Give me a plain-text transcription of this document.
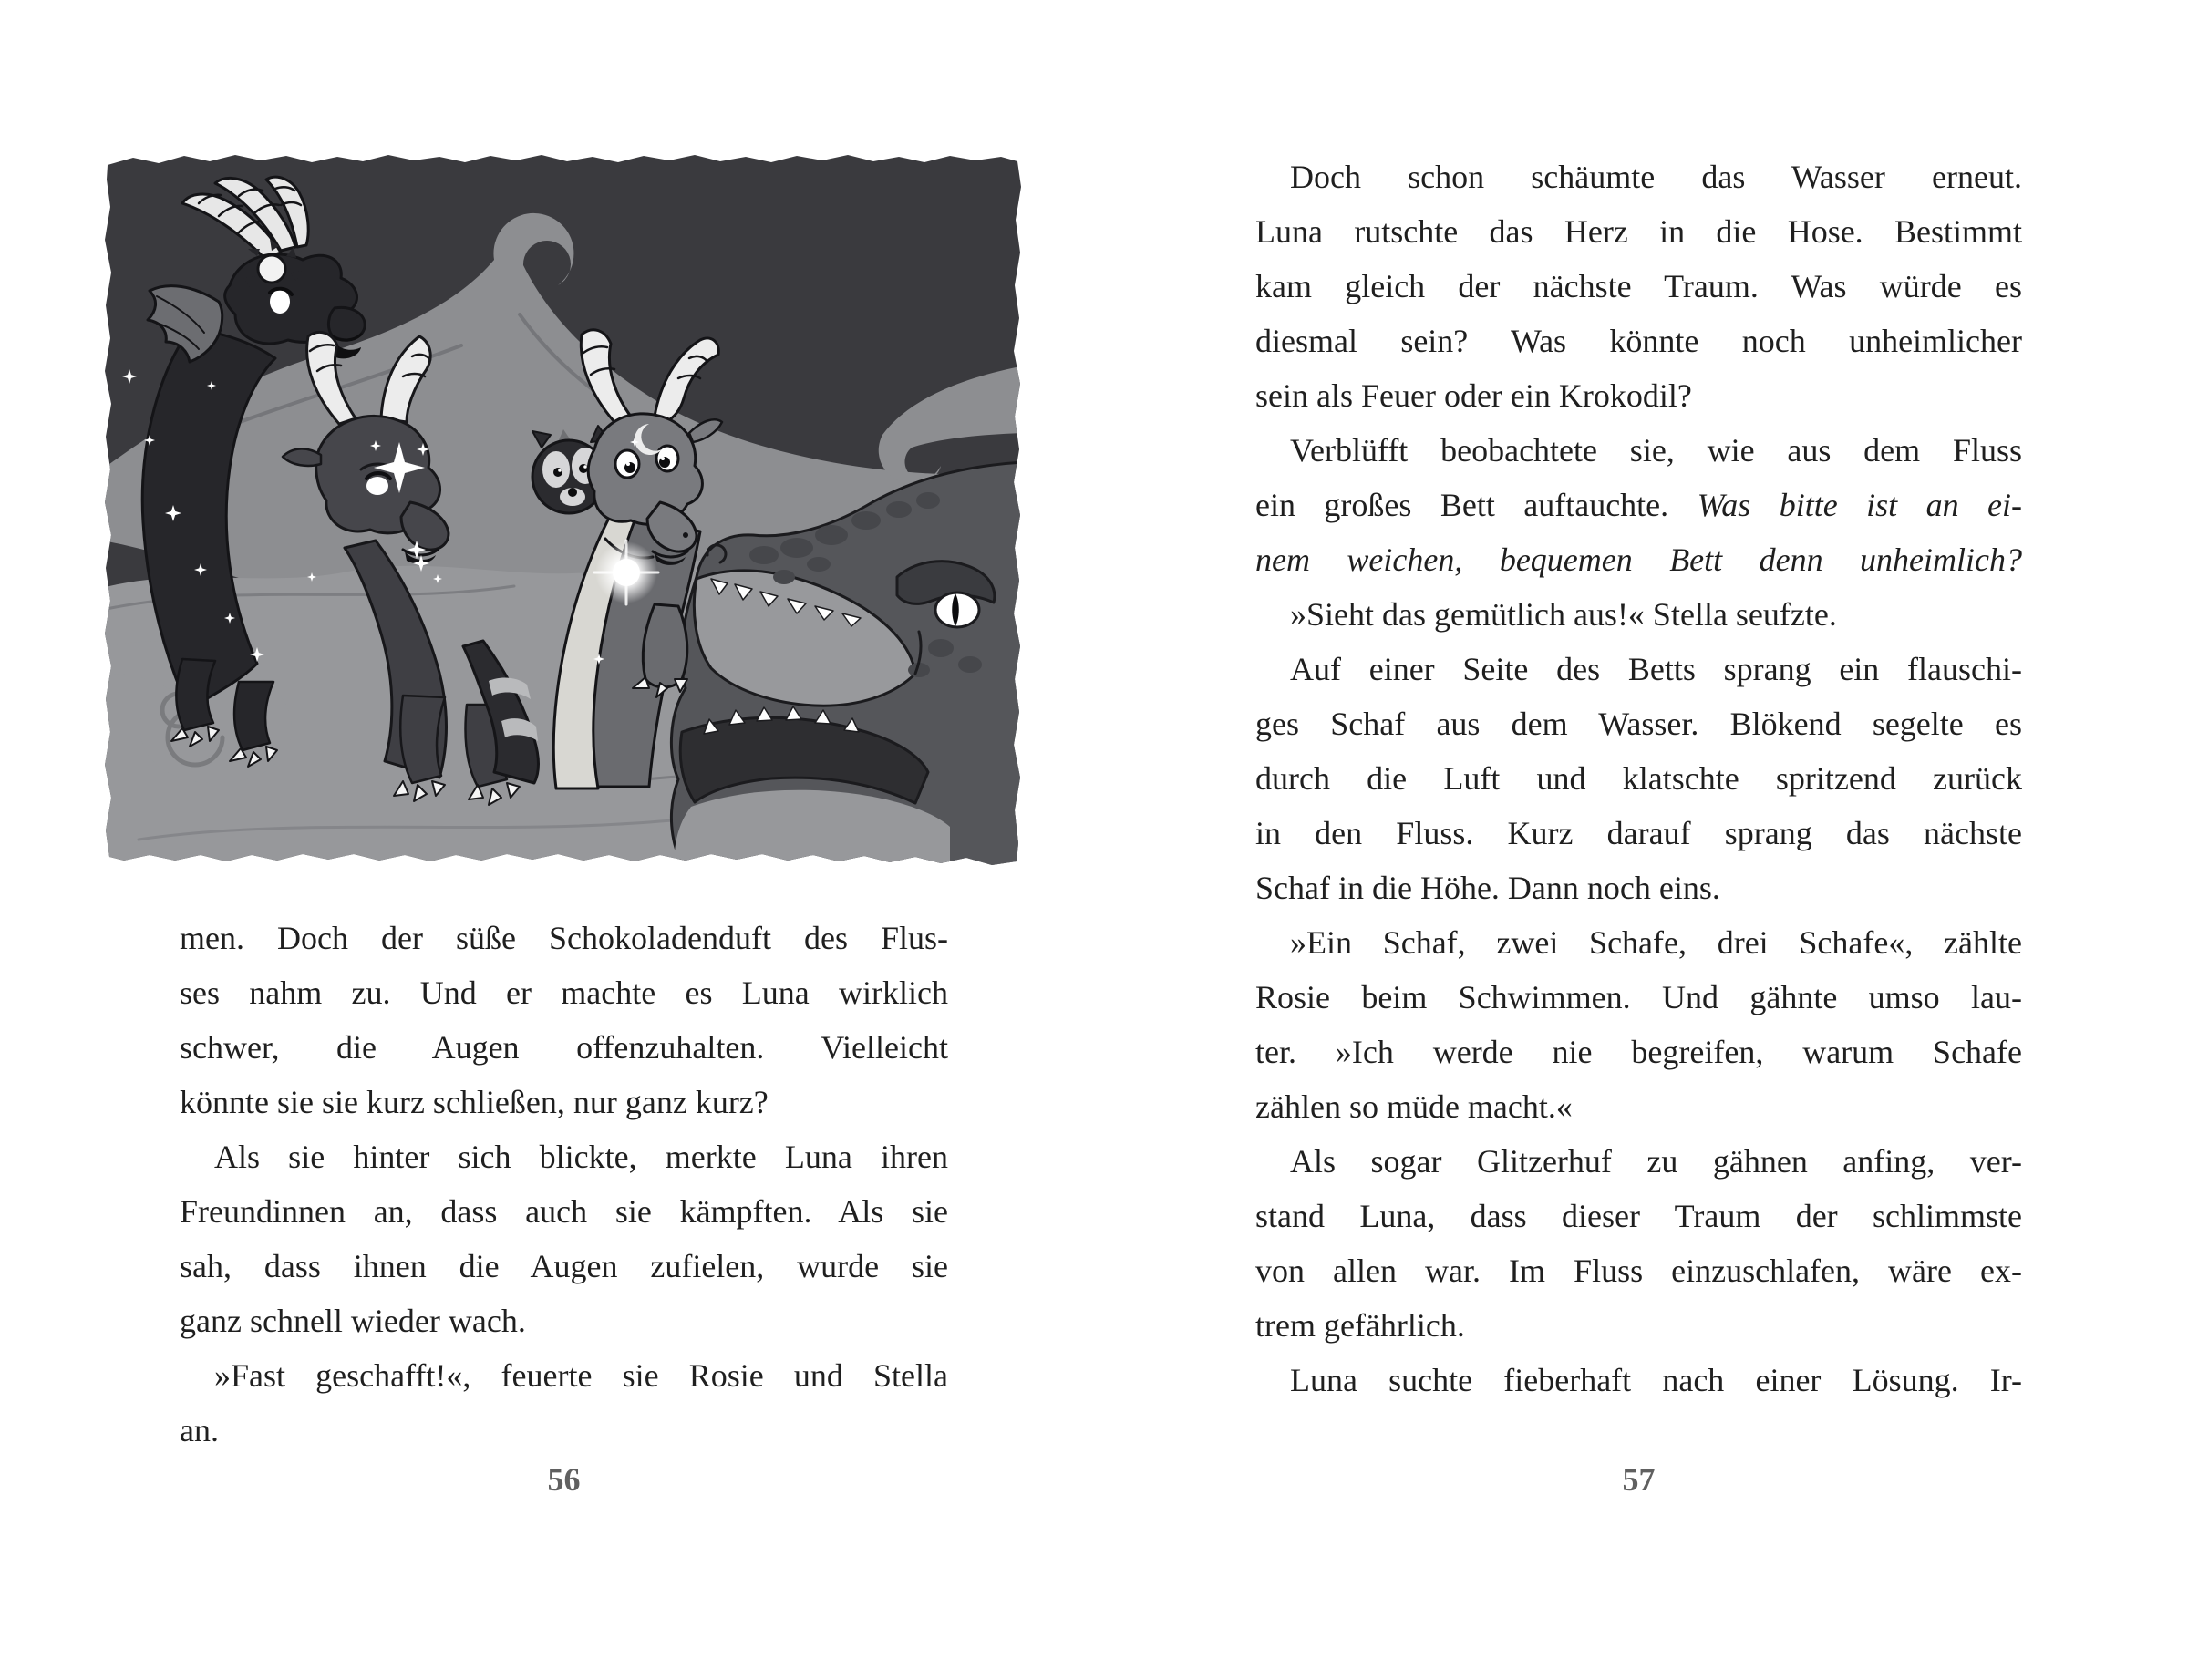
men. Doch der süße Schokoladenduft des Flus-
ses nahm zu. Und er machte es Luna wirklich
schwer, die Augen offenzuhalten. Vielleicht
könnte sie sie kurz schließen, nur ganz kurz?
Als sie hinter sich blickte, merkte Luna ihren
Freundinnen an, dass auch sie kämpften. Als sie
sah, dass ihnen die Augen zufielen, wurde sie
ganz schnell wieder wach.
»Fast geschafft!«, feuerte sie Rosie und Stella
an.
56
Doch schon schäumte das Wasser erneut.
Luna rutschte das Herz in die Hose. Bestimmt
kam gleich der nächste Traum. Was würde es
diesmal sein? Was könnte noch unheimlicher
sein als Feuer oder ein Krokodil?
Verblüfft beobachtete sie, wie aus dem Fluss
ein großes Bett auftauchte. Was bitte ist an ei-
nem weichen, bequemen Bett denn unheimlich?
»Sieht das gemütlich aus!« Stella seufzte.
Auf einer Seite des Betts sprang ein flauschi-
ges Schaf aus dem Wasser. Blökend segelte es
durch die Luft und klatschte spritzend zurück
in den Fluss. Kurz darauf sprang das nächste
Schaf in die Höhe. Dann noch eins.
»Ein Schaf, zwei Schafe, drei Schafe«, zählte
Rosie beim Schwimmen. Und gähnte umso lau-
ter. »Ich werde nie begreifen, warum Schafe
zählen so müde macht.«
Als sogar Glitzerhuf zu gähnen anfing, ver-
stand Luna, dass dieser Traum der schlimmste
von allen war. Im Fluss einzuschlafen, wäre ex-
trem gefährlich.
Luna suchte fieberhaft nach einer Lösung. Ir-
57
